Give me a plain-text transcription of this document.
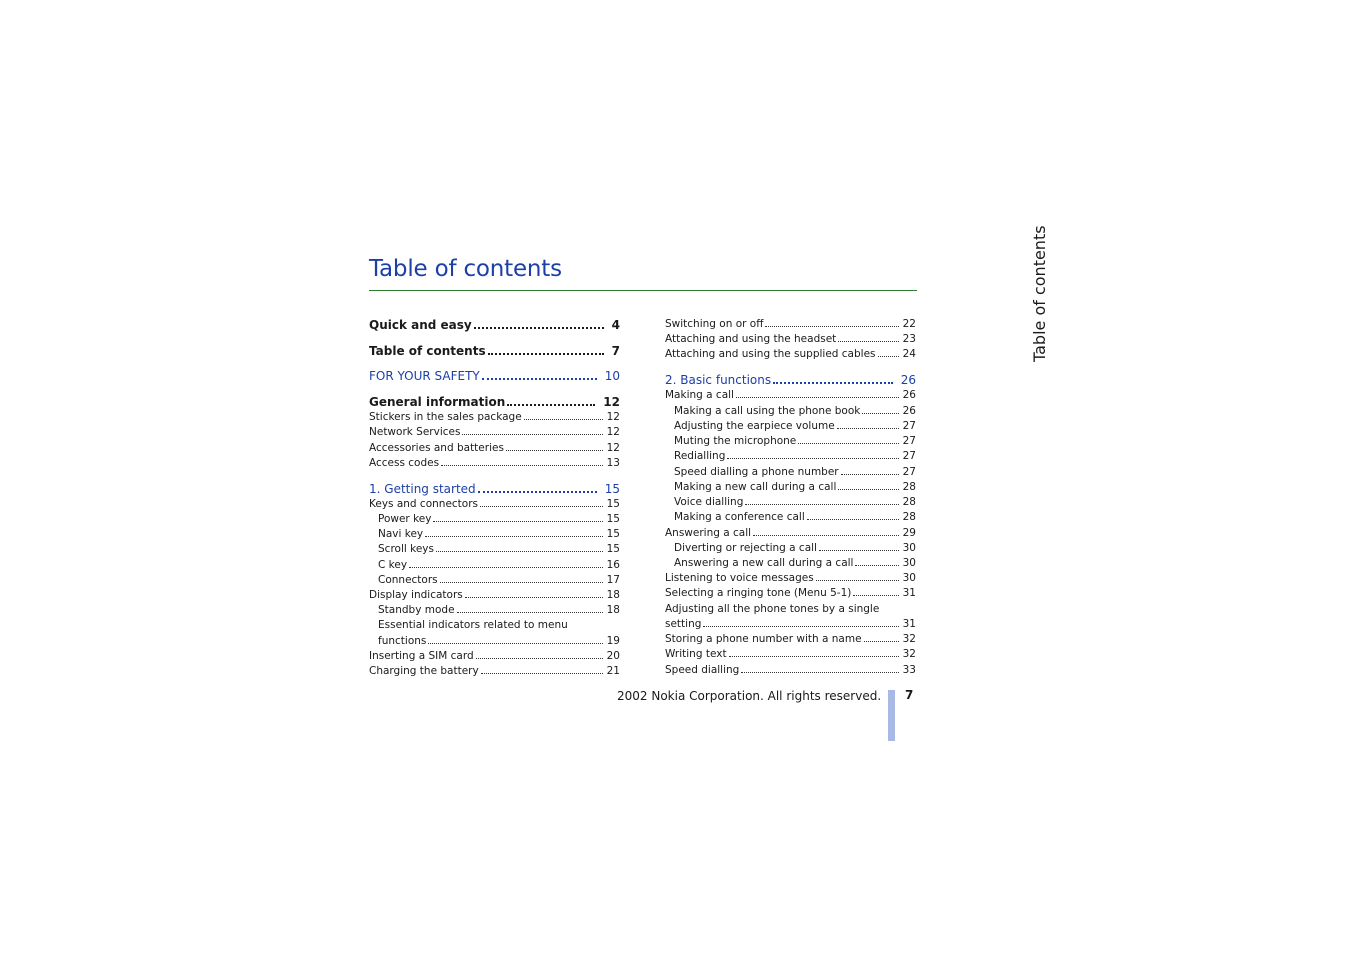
Table of contents
Quick and easy	4
Table of contents	7
FOR YOUR SAFETY	10
General information	12
Stickers in the sales package	12
Network Services	12
Accessories and batteries	12
Access codes	13
1. Getting started	15
Keys and connectors	15
Power key	15
Navi key	15
Scroll keys	15
C key	16
Connectors	17
Display indicators	18
Standby mode	18
Essential indicators related to menu
functions	19
Inserting a SIM card	20
Charging the battery	21
Switching on or off	22
Attaching and using the headset	23
Attaching and using the supplied cables	24
2. Basic functions	26
Making a call	26
Making a call using the phone book	26
Adjusting the earpiece volume	27
Muting the microphone	27
Redialling	27
Speed dialling a phone number	27
Making a new call during a call	28
Voice dialling	28
Making a conference call	28
Answering a call	29
Diverting or rejecting a call	30
Answering a new call during a call	30
Listening to voice messages	30
Selecting a ringing tone (Menu 5-1)	31
Adjusting all the phone tones by a single
setting	31
Storing a phone number with a name	32
Writing text	32
Speed dialling	33
Table of contents
2002 Nokia Corporation. All rights reserved. 7
